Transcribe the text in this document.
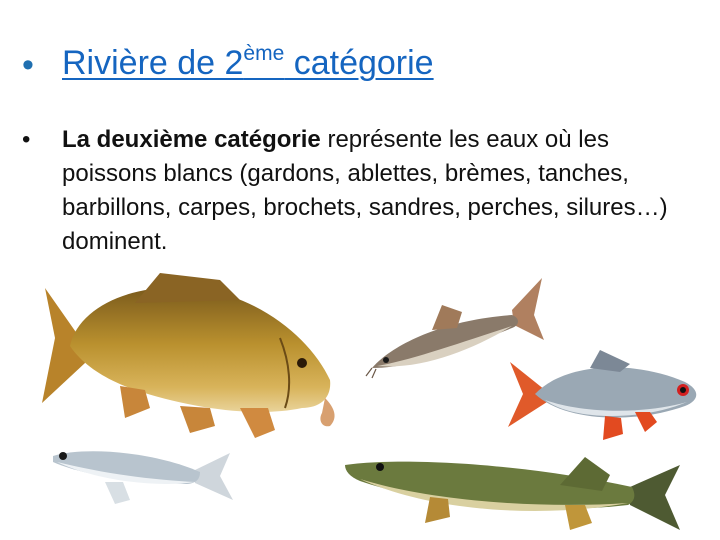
• Rivière de 2ème catégorie
• La deuxième catégorie représente les eaux où les poissons blancs (gardons, ablettes, brèmes, tanches, barbillons, carpes, brochets, sandres, perches, silures…) dominent.
